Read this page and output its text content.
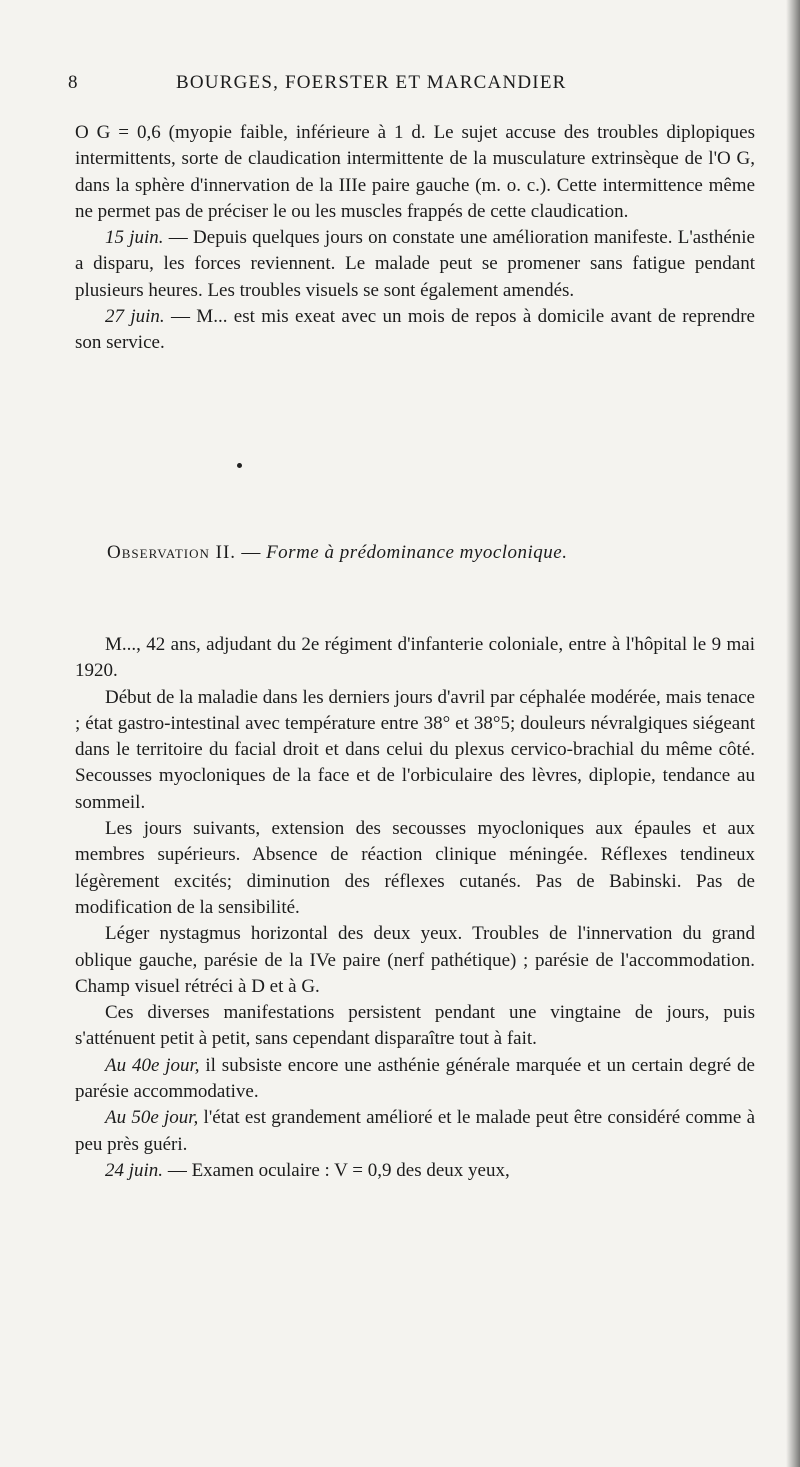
8	BOURGES, FOERSTER ET MARCANDIER

O G = 0,6 (myopie faible, inférieure à 1 d. Le sujet accuse des troubles diplopiques intermittents, sorte de claudication intermittente de la musculature extrinsèque de l'O G, dans la sphère d'innervation de la IIIe paire gauche (m. o. c.). Cette intermittence même ne permet pas de préciser le ou les muscles frappés de cette claudication.

15 juin. — Depuis quelques jours on constate une amélioration manifeste. L'asthénie a disparu, les forces reviennent. Le malade peut se promener sans fatigue pendant plusieurs heures. Les troubles visuels se sont également amendés.

27 juin. — M... est mis exeat avec un mois de repos à domicile avant de reprendre son service.

Observation II. — Forme à prédominance myoclonique.

M..., 42 ans, adjudant du 2e régiment d'infanterie coloniale, entre à l'hôpital le 9 mai 1920.

Début de la maladie dans les derniers jours d'avril par céphalée modérée, mais tenace ; état gastro-intestinal avec température entre 38° et 38°5; douleurs névralgiques siégeant dans le territoire du facial droit et dans celui du plexus cervico-brachial du même côté. Secousses myocloniques de la face et de l'orbiculaire des lèvres, diplopie, tendance au sommeil.

Les jours suivants, extension des secousses myocloniques aux épaules et aux membres supérieurs. Absence de réaction clinique méningée. Réflexes tendineux légèrement excités; diminution des réflexes cutanés. Pas de Babinski. Pas de modification de la sensibilité.

Léger nystagmus horizontal des deux yeux. Troubles de l'innervation du grand oblique gauche, parésie de la IVe paire (nerf pathétique) ; parésie de l'accommodation. Champ visuel rétréci à D et à G.

Ces diverses manifestations persistent pendant une vingtaine de jours, puis s'atténuent petit à petit, sans cependant disparaître tout à fait.

Au 40e jour, il subsiste encore une asthénie générale marquée et un certain degré de parésie accommodative.

Au 50e jour, l'état est grandement amélioré et le malade peut être considéré comme à peu près guéri.

24 juin. — Examen oculaire : V = 0,9 des deux yeux,
